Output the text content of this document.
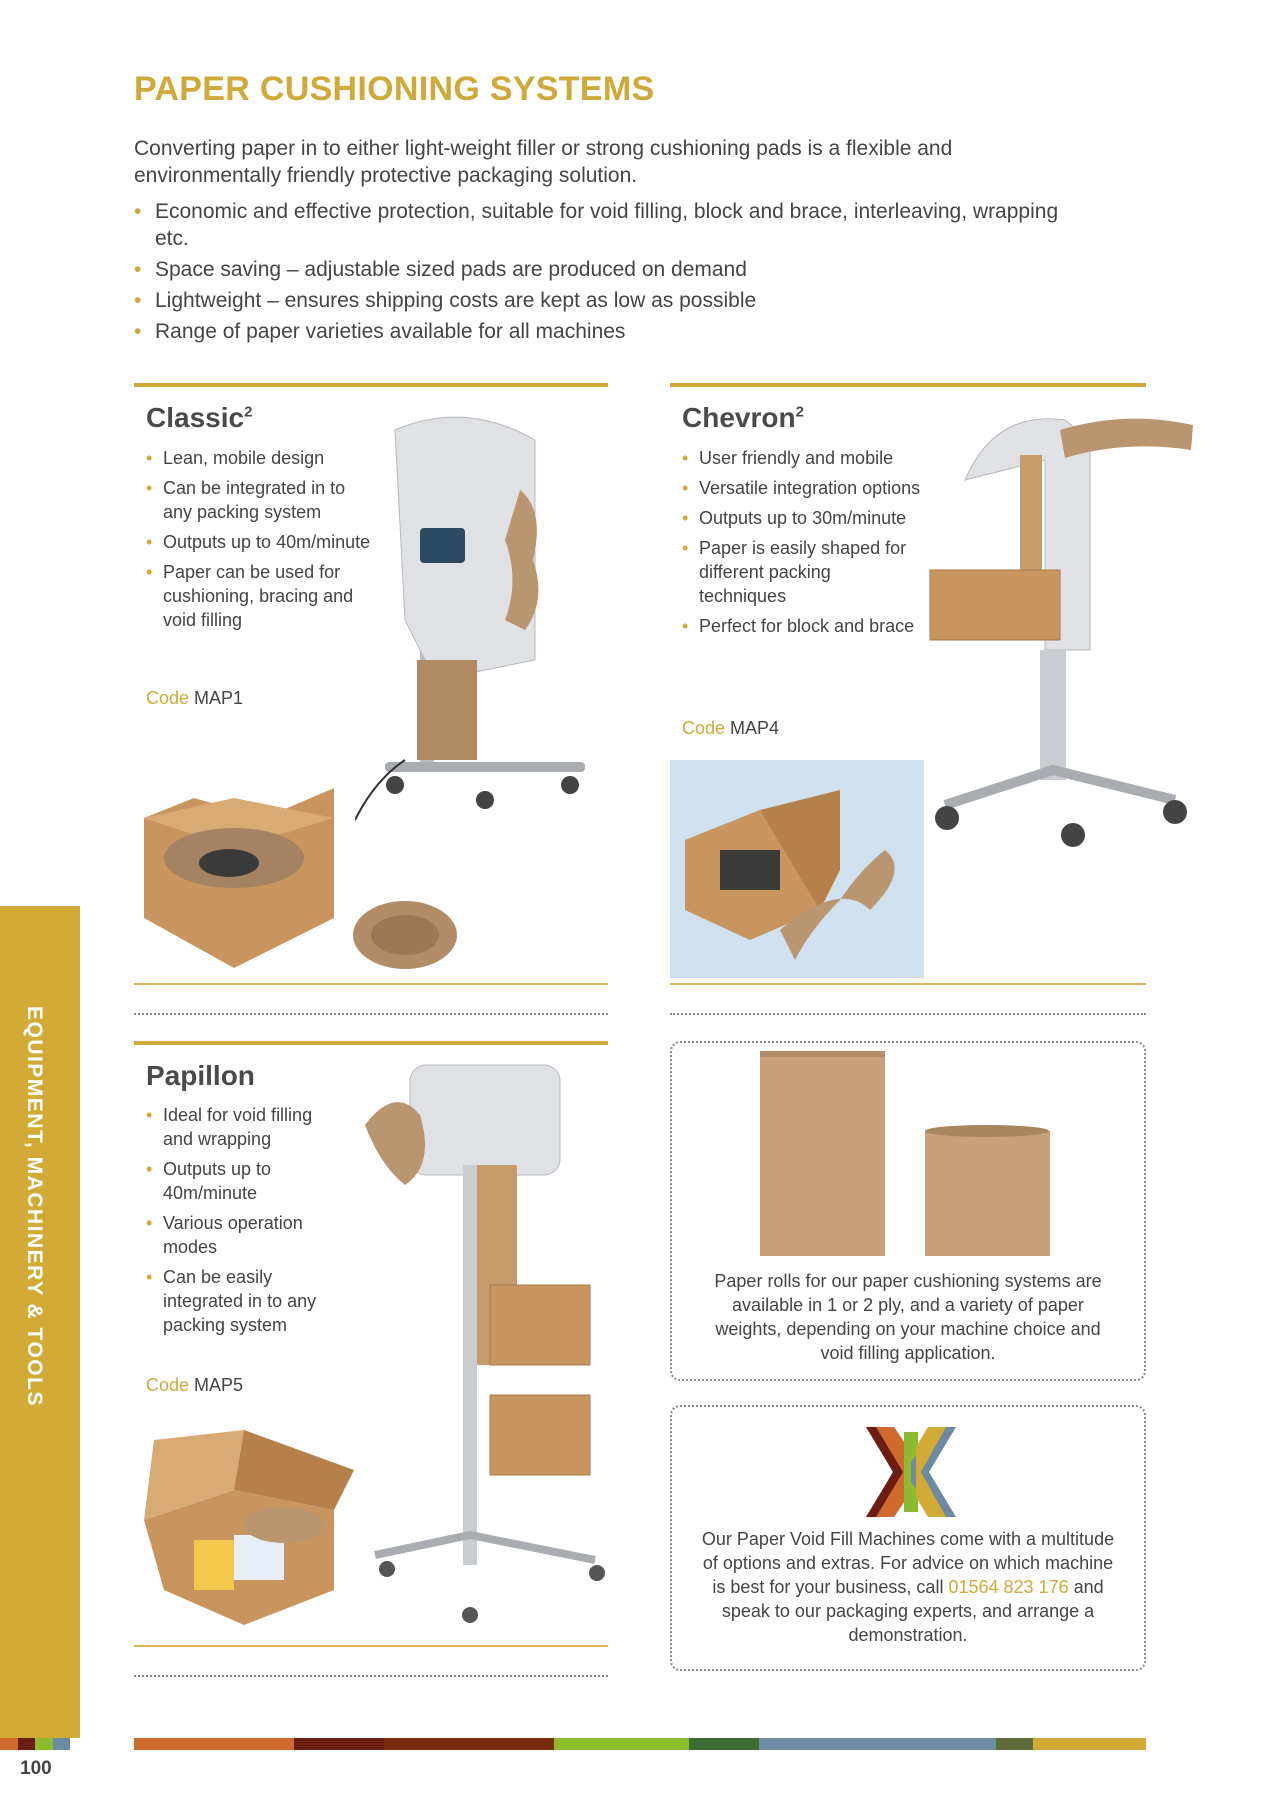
PAPER CUSHIONING SYSTEMS
Converting paper in to either light-weight filler or strong cushioning pads is a flexible and environmentally friendly protective packaging solution.
• Economic and effective protection, suitable for void filling, block and brace, interleaving, wrapping etc.
• Space saving – adjustable sized pads are produced on demand
• Lightweight – ensures shipping costs are kept as low as possible
• Range of paper varieties available for all machines
Classic$^2$
• Lean, mobile design
• Can be integrated in to any packing system
• Outputs up to 40m/minute
• Paper can be used for cushioning, bracing and void filling
Code MAP1
Chevron$^2$
• User friendly and mobile
• Versatile integration options
• Outputs up to 30m/minute
• Paper is easily shaped for different packing techniques
• Perfect for block and brace
Code MAP4
Papillon
• Ideal for void filling and wrapping
• Outputs up to 40m/minute
• Various operation modes
• Can be easily integrated in to any packing system
Code MAP5
Paper rolls for our paper cushioning systems are available in 1 or 2 ply, and a variety of paper weights, depending on your machine choice and void filling application.
Our Paper Void Fill Machines come with a multitude of options and extras. For advice on which machine is best for your business, call 01564 823 176 and speak to our packaging experts, and arrange a demonstration.
EQUIPMENT, MACHINERY & TOOLS
100
